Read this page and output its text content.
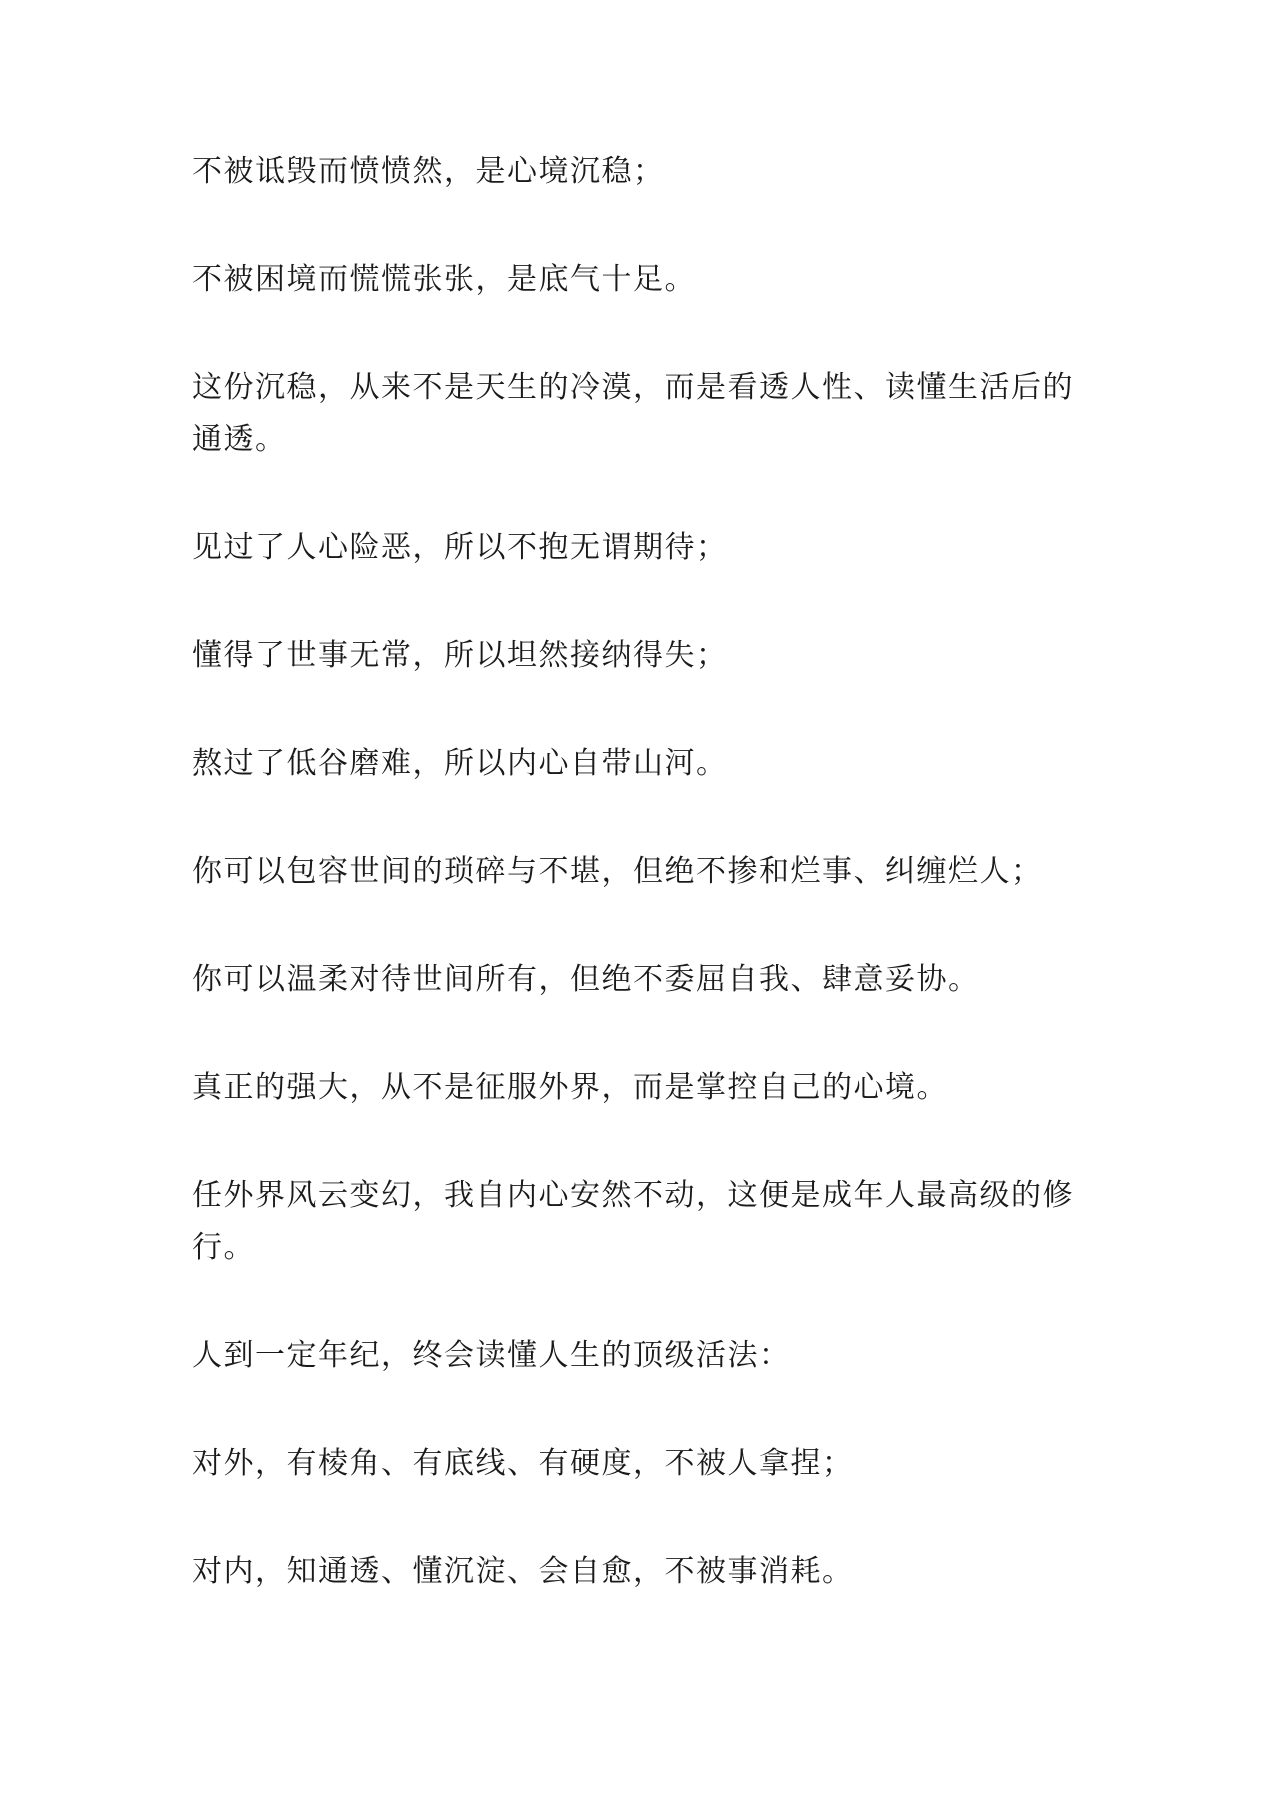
不被诋毁而愤愤然，是心境沉稳；

不被困境而慌慌张张，是底气十足。

这份沉稳，从来不是天生的冷漠，而是看透人性、读懂生活后的通透。

见过了人心险恶，所以不抱无谓期待；

懂得了世事无常，所以坦然接纳得失；

熬过了低谷磨难，所以内心自带山河。

你可以包容世间的琐碎与不堪，但绝不掺和烂事、纠缠烂人；

你可以温柔对待世间所有，但绝不委屈自我、肆意妥协。

真正的强大，从不是征服外界，而是掌控自己的心境。

任外界风云变幻，我自内心安然不动，这便是成年人最高级的修行。

人到一定年纪，终会读懂人生的顶级活法：

对外，有棱角、有底线、有硬度，不被人拿捏；

对内，知通透、懂沉淀、会自愈，不被事消耗。
